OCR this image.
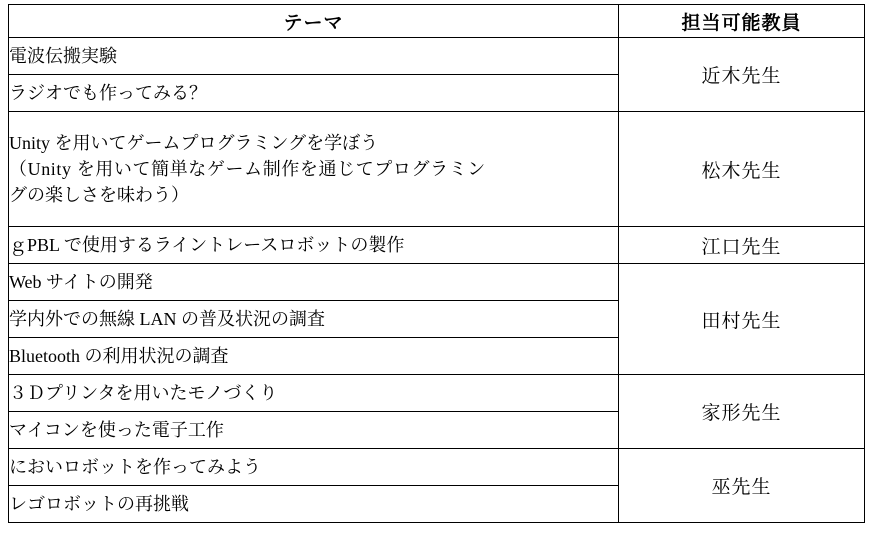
テーマ	担当可能教員

電波伝搬実験	近木先生

ラジオでも作ってみる？	

Unity を用いてゲームプログラミングを学ぼう
（Unity を用いて簡単なゲーム制作を通じてプログラミン
グの楽しさを味わう）	松木先生

ｇPBL で使用するライントレースロボットの製作	江口先生

Web サイトの開発	田村先生

学内外での無線 LAN の普及状況の調査	

Bluetooth の利用状況の調査	

３Ｄプリンタを用いたモノづくり	家形先生

マイコンを使った電子工作	

においロボットを作ってみよう	巫先生

レゴロボットの再挑戦	
